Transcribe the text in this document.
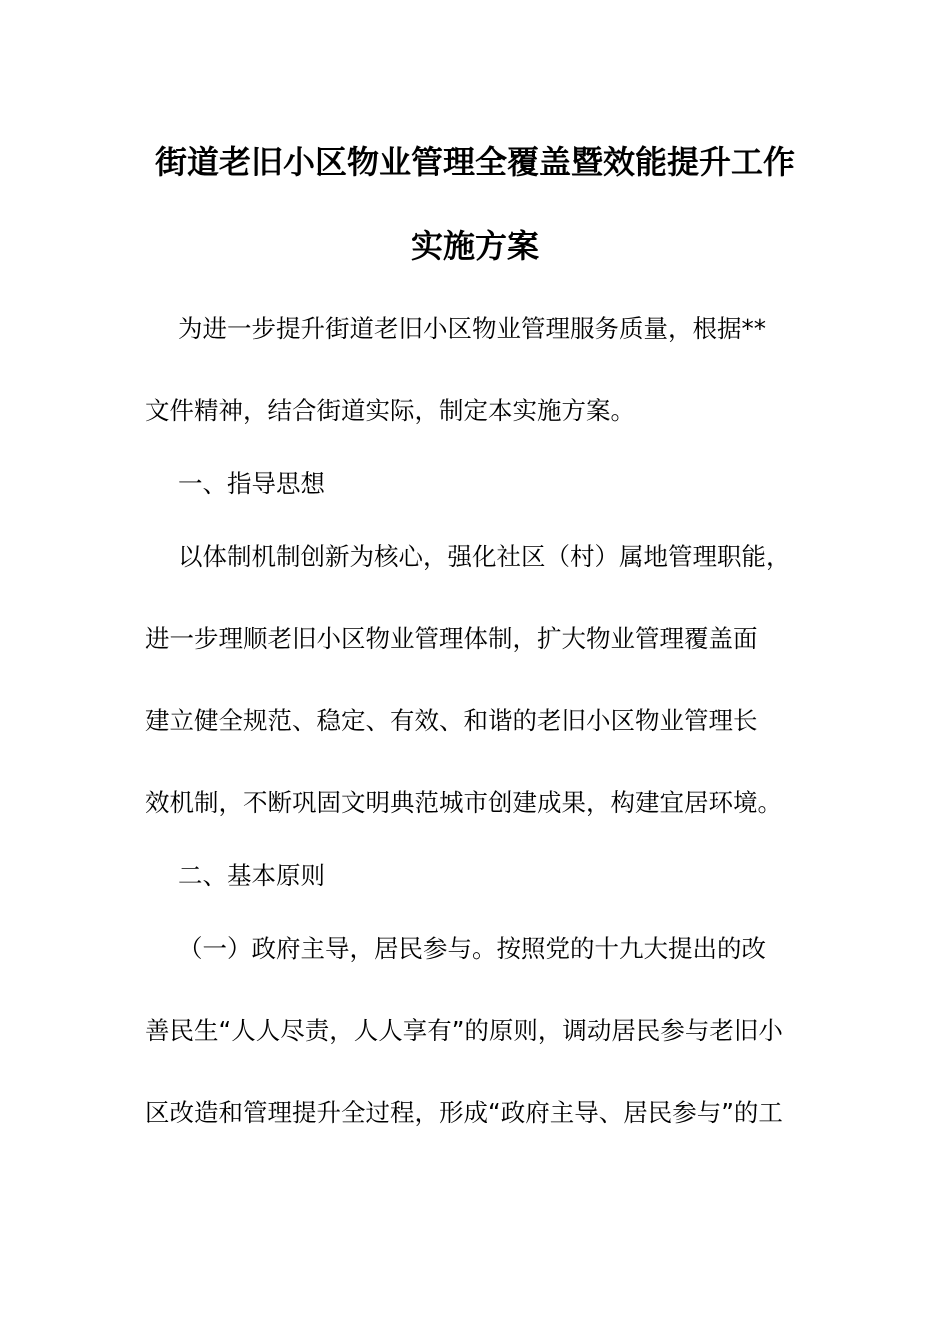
街道老旧小区物业管理全覆盖暨效能提升工作
实施方案
为进一步提升街道老旧小区物业管理服务质量，根据**
文件精神，结合街道实际，制定本实施方案。
一、指导思想
以体制机制创新为核心，强化社区（村）属地管理职能，
进一步理顺老旧小区物业管理体制，扩大物业管理覆盖面
建立健全规范、稳定、有效、和谐的老旧小区物业管理长
效机制，不断巩固文明典范城市创建成果，构建宜居环境。
二、基本原则
（一）政府主导，居民参与。按照党的十九大提出的改
善民生“人人尽责，人人享有”的原则，调动居民参与老旧小
区改造和管理提升全过程，形成“政府主导、居民参与”的工
